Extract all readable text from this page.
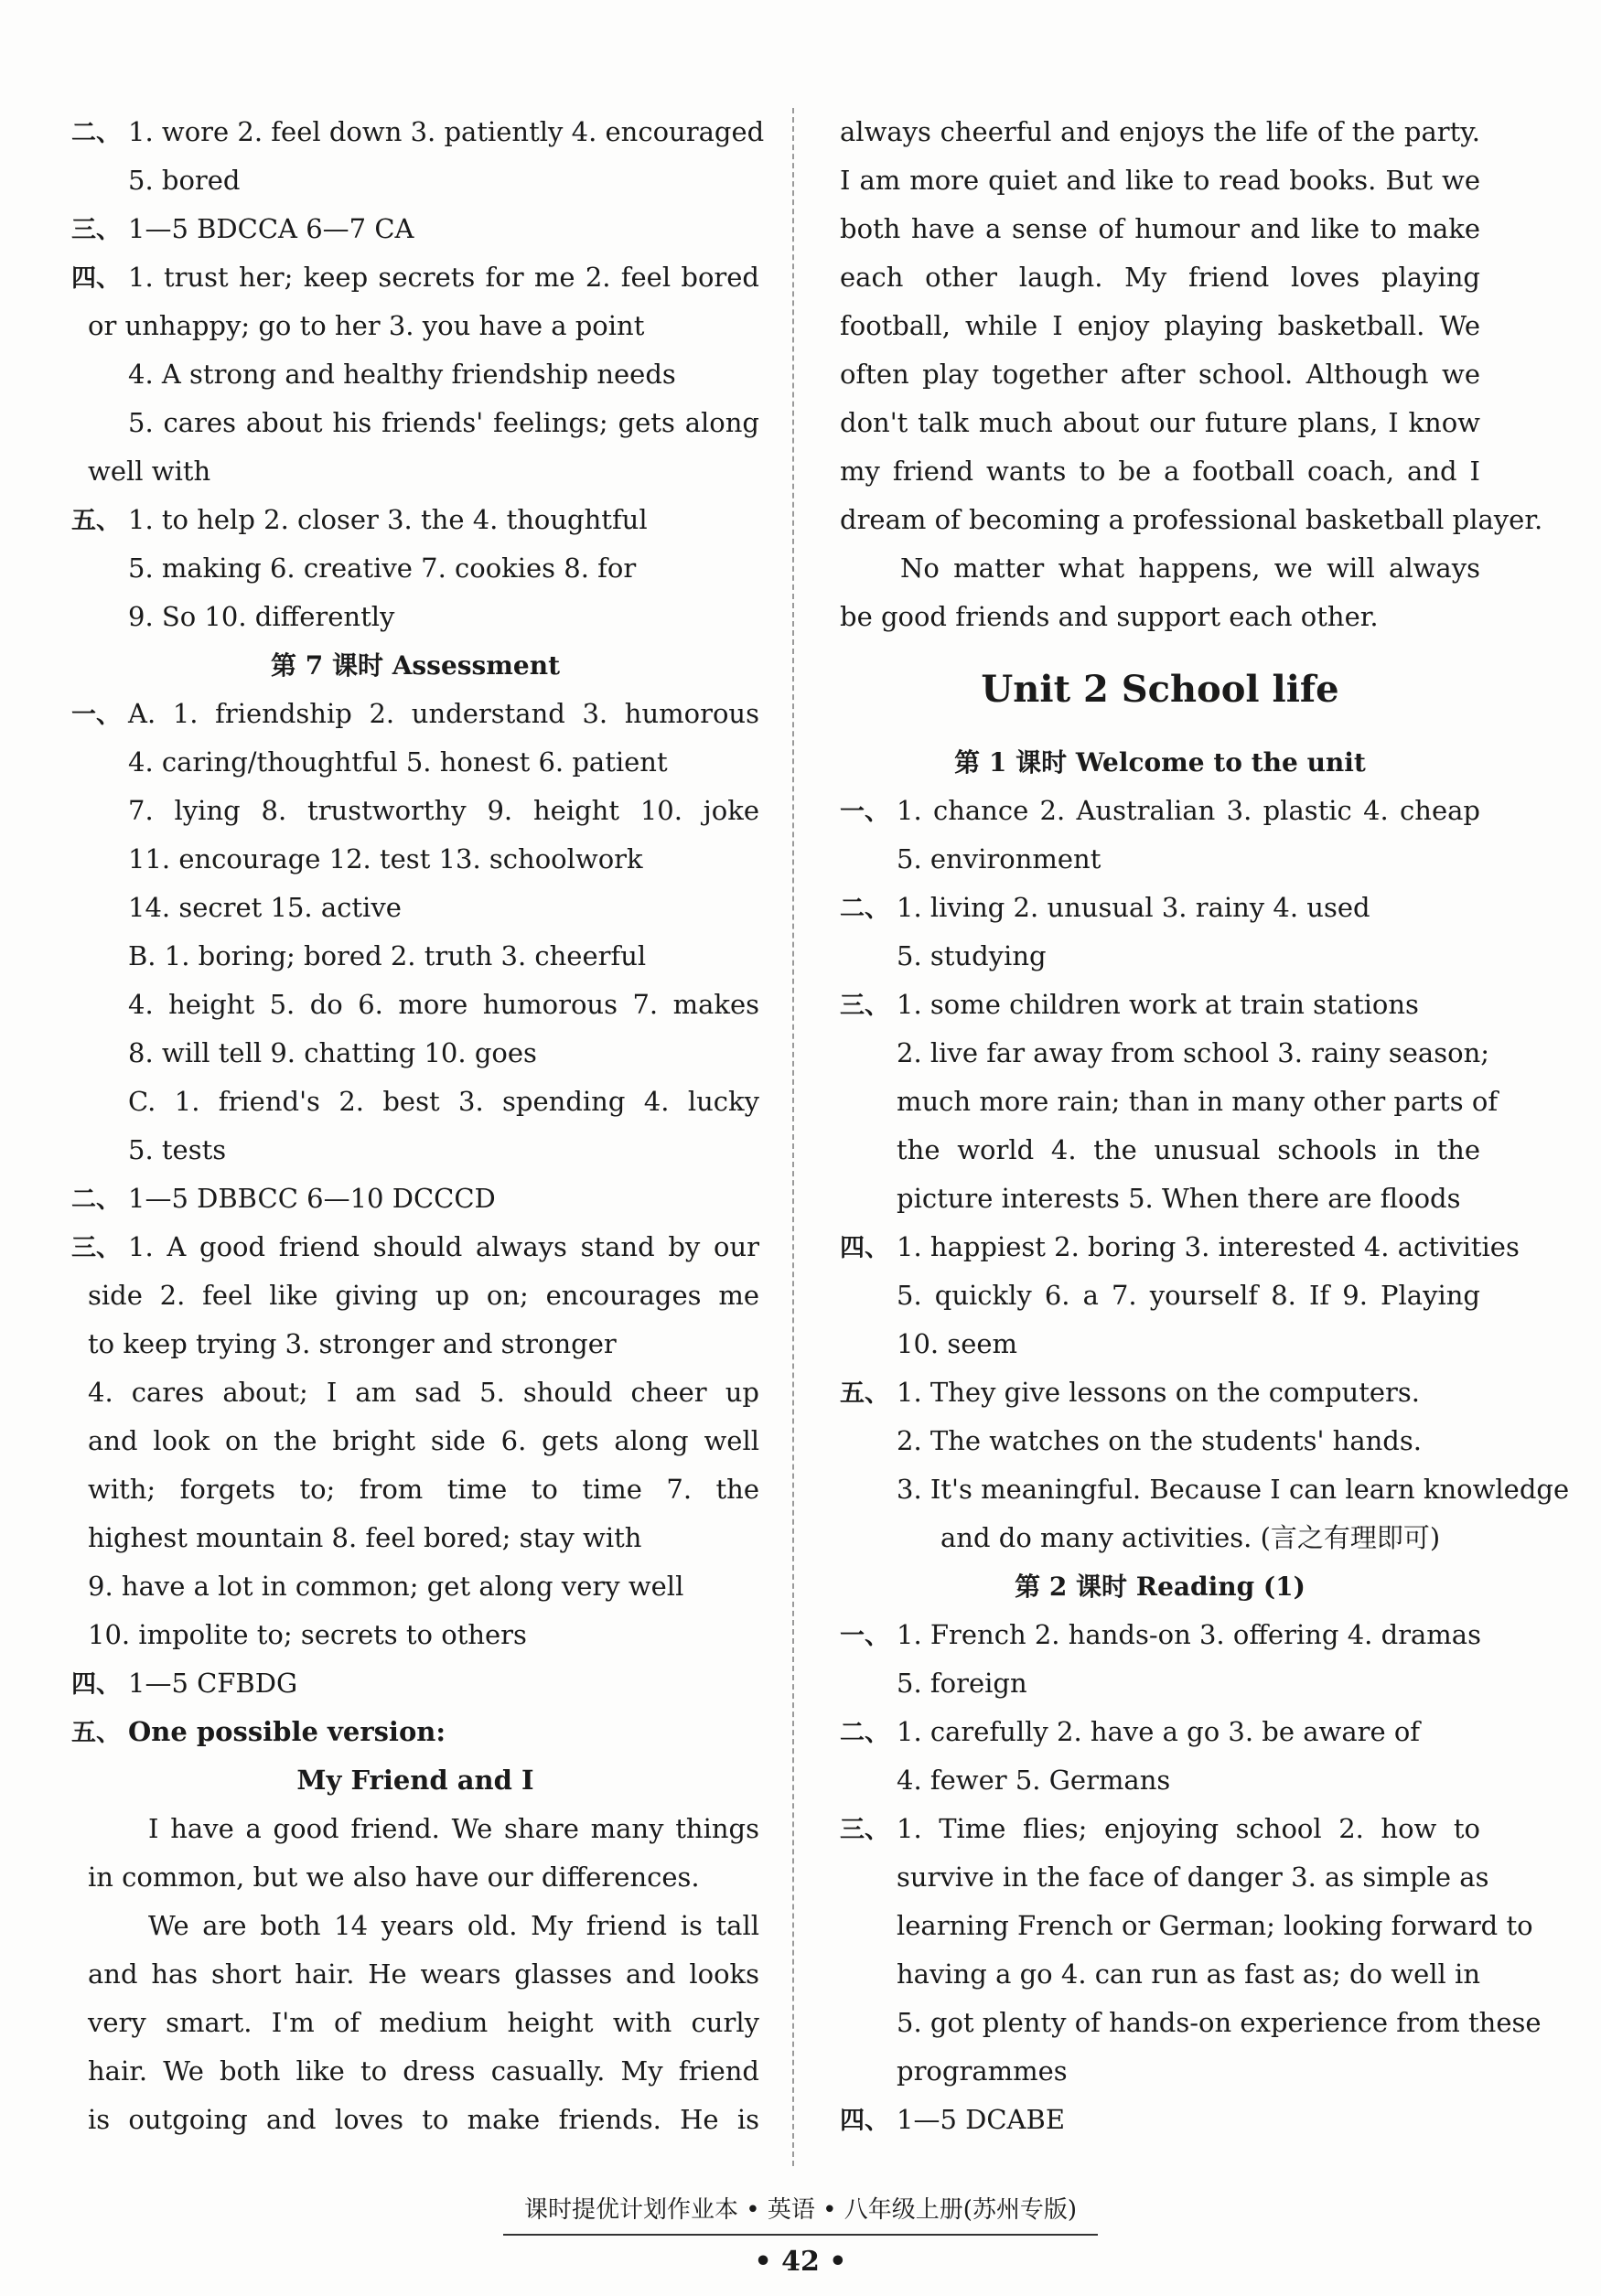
二、 1. wore 2. feel down 3. patiently 4. encouraged
5. bored
三、 1—5 BDCCA 6—7 CA
四、 1. trust her; keep secrets for me 2. feel bored
or unhappy; go to her 3. you have a point
4. A strong and healthy friendship needs
5. cares about his friends' feelings; gets along
well with
五、 1. to help 2. closer 3. the 4. thoughtful
5. making 6. creative 7. cookies 8. for
9. So 10. differently
第 7 课时 Assessment
一、 A. 1. friendship 2. understand 3. humorous
4. caring/thoughtful 5. honest 6. patient
7. lying 8. trustworthy 9. height 10. joke
11. encourage 12. test 13. schoolwork
14. secret 15. active
B. 1. boring; bored 2. truth 3. cheerful
4. height 5. do 6. more humorous 7. makes
8. will tell 9. chatting 10. goes
C. 1. friend's 2. best 3. spending 4. lucky
5. tests
二、 1—5 DBBCC 6—10 DCCCD
三、 1. A good friend should always stand by our
side 2. feel like giving up on; encourages me
to keep trying 3. stronger and stronger
4. cares about; I am sad 5. should cheer up
and look on the bright side 6. gets along well
with; forgets to; from time to time 7. the
highest mountain 8. feel bored; stay with
9. have a lot in common; get along very well
10. impolite to; secrets to others
四、 1—5 CFBDG
五、 One possible version:
My Friend and I
I have a good friend. We share many things
in common, but we also have our differences.
We are both 14 years old. My friend is tall
and has short hair. He wears glasses and looks
very smart. I'm of medium height with curly
hair. We both like to dress casually. My friend
is outgoing and loves to make friends. He is
always cheerful and enjoys the life of the party.
I am more quiet and like to read books. But we
both have a sense of humour and like to make
each other laugh. My friend loves playing
football, while I enjoy playing basketball. We
often play together after school. Although we
don't talk much about our future plans, I know
my friend wants to be a football coach, and I
dream of becoming a professional basketball player.
No matter what happens, we will always
be good friends and support each other.
Unit 2 School life
第 1 课时 Welcome to the unit
一、 1. chance 2. Australian 3. plastic 4. cheap
5. environment
二、 1. living 2. unusual 3. rainy 4. used
5. studying
三、 1. some children work at train stations
2. live far away from school 3. rainy season;
much more rain; than in many other parts of
the world 4. the unusual schools in the
picture interests 5. When there are floods
四、 1. happiest 2. boring 3. interested 4. activities
5. quickly 6. a 7. yourself 8. If 9. Playing
10. seem
五、 1. They give lessons on the computers.
2. The watches on the students' hands.
3. It's meaningful. Because I can learn knowledge
and do many activities. (言之有理即可)
第 2 课时 Reading (1)
一、 1. French 2. hands-on 3. offering 4. dramas
5. foreign
二、 1. carefully 2. have a go 3. be aware of
4. fewer 5. Germans
三、 1. Time flies; enjoying school 2. how to
survive in the face of danger 3. as simple as
learning French or German; looking forward to
having a go 4. can run as fast as; do well in
5. got plenty of hands-on experience from these
programmes
四、 1—5 DCABE
课时提优计划作业本 • 英语 • 八年级上册(苏州专版)
• 42 •
